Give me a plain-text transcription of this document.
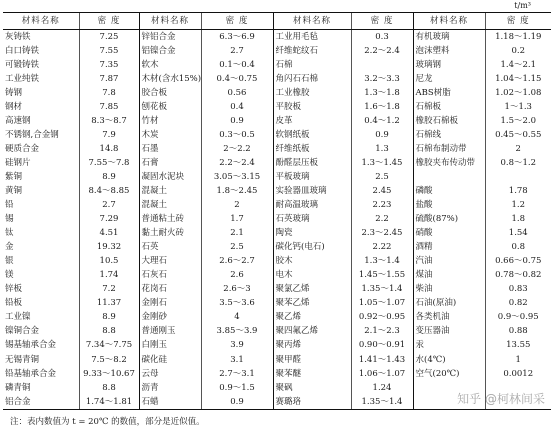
t/m³
材料名称	密 度	材料名称	密 度	材料名称	密 度	材料名称	密 度
灰铸铁	7.25	锌铝合金	6.3～6.9	工业用毛毡	0.3	有机玻璃	1.18～1.19
白口铸铁	7.55	铝镍合金	2.7	纤维蛇纹石	2.2～2.4	泡沫塑料	0.2
可锻铸铁	7.35	软木	0.1～0.4	石棉		玻璃钢	1.4～2.1
工业纯铁	7.87	木材(含水15%)	0.4～0.75	角闪石石棉	3.2～3.3	尼龙	1.04～1.15
铸钢	7.8	胶合板	0.56	工业橡胶	1.3～1.8	ABS树脂	1.02～1.08
钢材	7.85	刨花板	0.4	平胶板	1.6～1.8	石棉板	1～1.3
高速钢	8.3～8.7	竹材	0.9	皮革	0.4～1.2	橡胶石棉板	1.5～2.0
不锈钢,合金钢	7.9	木炭	0.3～0.5	软钢纸板	0.9	石棉线	0.45～0.55
硬质合金	14.8	石墨	2～2.2	纤维纸板	1.3	石棉布制动带	2
硅钢片	7.55～7.8	石膏	2.2～2.4	酚醛层压板	1.3～1.45	橡胶夹布传动带	0.8～1.2
紫铜	8.9	凝固水泥块	3.05～3.15	平板玻璃	2.5		
黄铜	8.4～8.85	混凝土	1.8～2.45	实验器皿玻璃	2.45	磷酸	1.78
铅	2.7	混凝土	2	耐高温玻璃	2.23	盐酸	1.2
锡	7.29	普通粘土砖	1.7	石英玻璃	2.2	硫酸(87%)	1.8
钛	4.51	黏土耐火砖	2.1	陶瓷	2.3～2.45	硝酸	1.54
金	19.32	石英	2.5	碳化钙(电石)	2.22	酒精	0.8
银	10.5	大理石	2.6～2.7	胶木	1.3～1.4	汽油	0.66～0.75
镁	1.74	石灰石	2.6	电木	1.45～1.55	煤油	0.78～0.82
锌板	7.2	花岗石	2.6～3	聚氯乙烯	1.35～1.4	柴油	0.83
铅板	11.37	金刚石	3.5～3.6	聚苯乙烯	1.05～1.07	石油(原油)	0.82
工业镍	8.9	金刚砂	4	聚乙烯	0.92～0.95	各类机油	0.9～0.95
镍铜合金	8.8	普通刚玉	3.85～3.9	聚四氟乙烯	2.1～2.3	变压器油	0.88
锡基轴承合金	7.34～7.75	白刚玉	3.9	聚丙烯	0.90～0.91	汞	13.55
无锡青铜	7.5～8.2	碳化硅	3.1	聚甲醛	1.41～1.43	水(4℃)	1
铅基轴承合金	9.33～10.67	云母	2.7～3.1	聚苯醚	1.06～1.07	空气(20℃)	0.0012
磷青铜	8.8	沥青	0.9～1.5	聚砜	1.24		
铝合金	1.74～1.81	石蜡	0.9	赛璐珞	1.35～1.4		
注：表内数值为 t = 20℃ 的数值，部分是近似值。
知乎 @柯林间采
